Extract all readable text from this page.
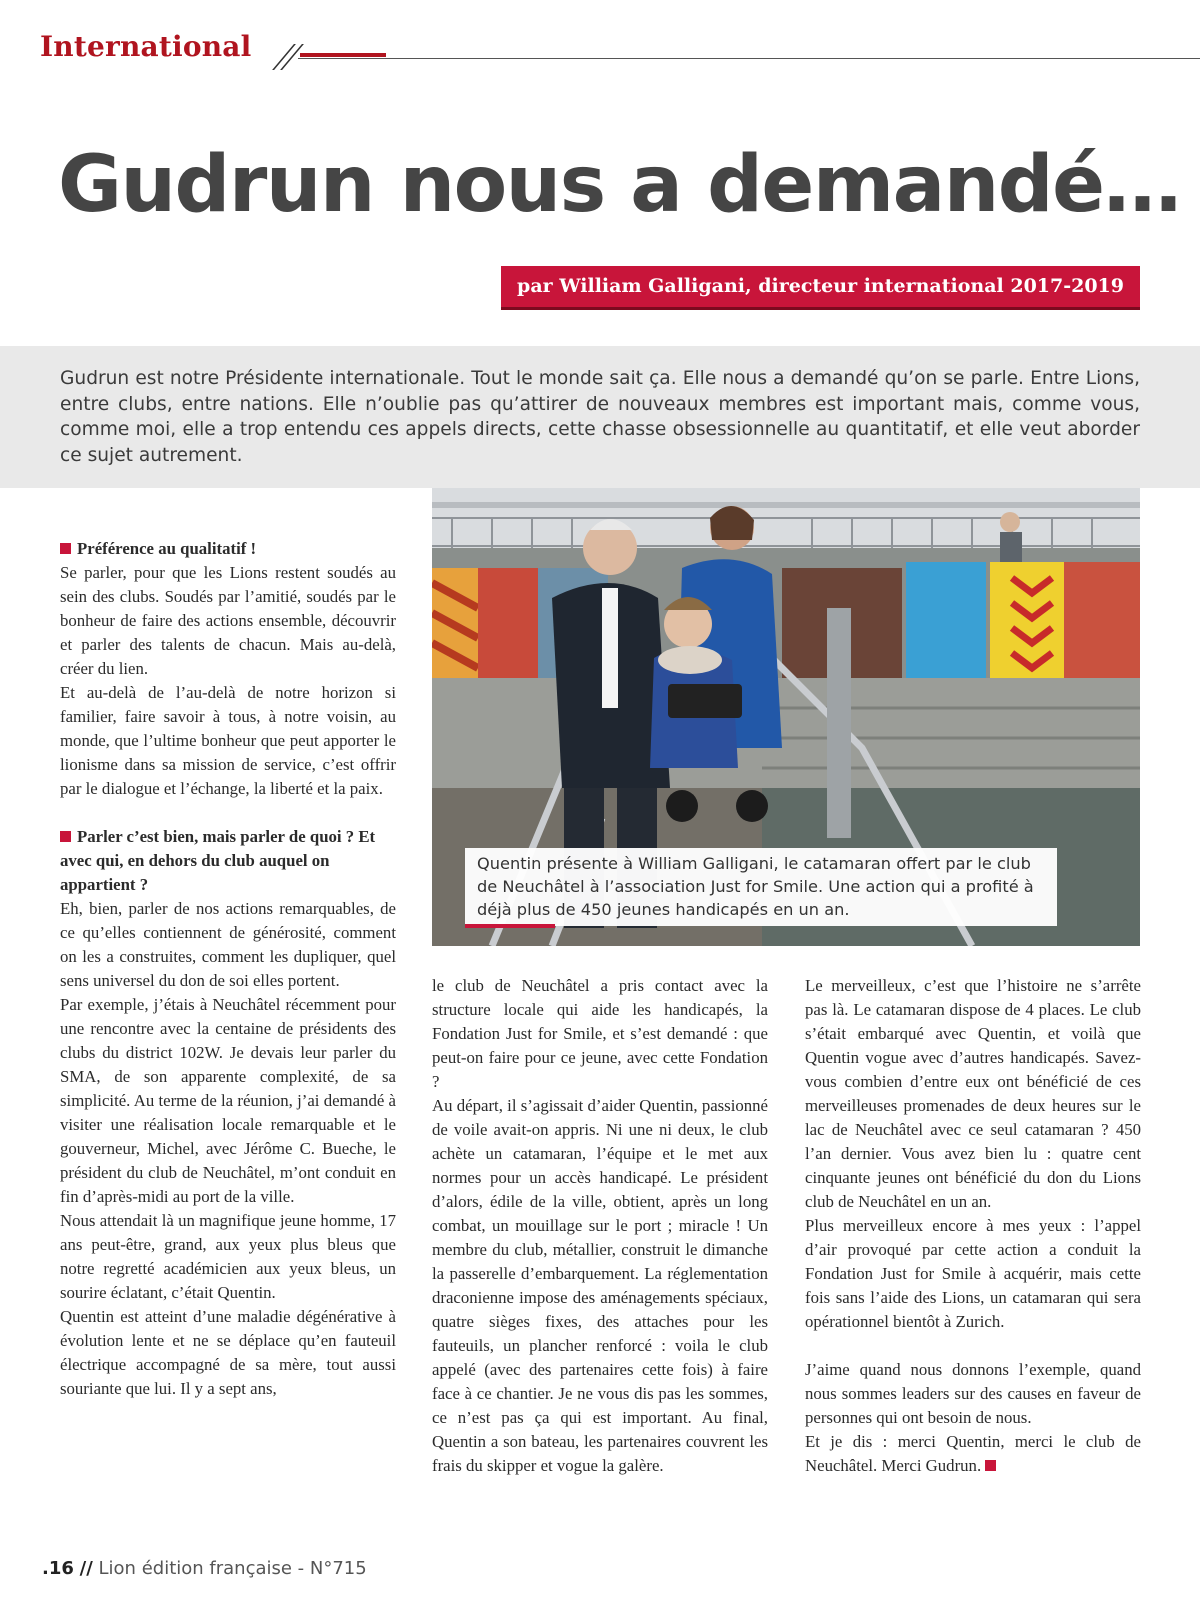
International
Gudrun nous a demandé…
par William Galligani, directeur international 2017-2019

Gudrun est notre Présidente internationale. Tout le monde sait ça. Elle nous a demandé qu’on se parle. Entre Lions, entre clubs, entre nations. Elle n’oublie pas qu’attirer de nouveaux membres est important mais, comme vous, comme moi, elle a trop entendu ces appels directs, cette chasse obsessionnelle au quantitatif, et elle veut aborder ce sujet autrement.

Quentin présente à William Galligani, le catamaran offert par le club de Neuchâtel à l’association Just for Smile. Une action qui a profité à déjà plus de 450 jeunes handicapés en un an.
Préférence au qualitatif !

Se parler, pour que les Lions restent soudés au sein des clubs. Soudés par l’amitié, soudés par le bonheur de faire des actions ensemble, découvrir et parler des talents de chacun. Mais au-delà, créer du lien.

Et au-delà de l’au-delà de notre horizon si familier, faire savoir à tous, à notre voisin, au monde, que l’ultime bonheur que peut apporter le lionisme dans sa mission de service, c’est offrir par le dialogue et l’échange, la liberté et la paix.

Parler c’est bien, mais parler de quoi ? Et avec qui, en dehors du club auquel on appartient ?

Eh, bien, parler de nos actions remarquables, de ce qu’elles contiennent de générosité, comment on les a construites, comment les dupliquer, quel sens universel du don de soi elles portent.

Par exemple, j’étais à Neuchâtel récemment pour une rencontre avec la centaine de présidents des clubs du district 102W. Je devais leur parler du SMA, de son apparente complexité, de sa simplicité. Au terme de la réunion, j’ai demandé à visiter une réalisation locale remarquable et le gouverneur, Michel, avec Jérôme C. Bueche, le président du club de Neuchâtel, m’ont conduit en fin d’après-midi au port de la ville.

Nous attendait là un magnifique jeune homme, 17 ans peut-être, grand, aux yeux plus bleus que notre regretté académicien aux yeux bleus, un sourire éclatant, c’était Quentin.

Quentin est atteint d’une maladie dégénérative à évolution lente et ne se déplace qu’en fauteuil électrique accompagné de sa mère, tout aussi souriante que lui. Il y a sept ans,

le club de Neuchâtel a pris contact avec la structure locale qui aide les handicapés, la Fondation Just for Smile, et s’est demandé : que peut-on faire pour ce jeune, avec cette Fondation ?

Au départ, il s’agissait d’aider Quentin, passionné de voile avait-on appris. Ni une ni deux, le club achète un catamaran, l’équipe et le met aux normes pour un accès handicapé. Le président d’alors, édile de la ville, obtient, après un long combat, un mouillage sur le port ; miracle ! Un membre du club, métallier, construit le dimanche la passerelle d’embarquement. La réglementation draconienne impose des aménagements spéciaux, quatre sièges fixes, des attaches pour les fauteuils, un plancher renforcé : voila le club appelé (avec des partenaires cette fois) à faire face à ce chantier. Je ne vous dis pas les sommes, ce n’est pas ça qui est important. Au final, Quentin a son bateau, les partenaires couvrent les frais du skipper et vogue la galère.

Le merveilleux, c’est que l’histoire ne s’arrête pas là. Le catamaran dispose de 4 places. Le club s’était embarqué avec Quentin, et voilà que Quentin vogue avec d’autres handicapés. Savez-vous combien d’entre eux ont bénéficié de ces merveilleuses promenades de deux heures sur le lac de Neuchâtel avec ce seul catamaran ? 450 l’an dernier. Vous avez bien lu : quatre cent cinquante jeunes ont bénéficié du don du Lions club de Neuchâtel en un an.

Plus merveilleux encore à mes yeux : l’appel d’air provoqué par cette action a conduit la Fondation Just for Smile à acquérir, mais cette fois sans l’aide des Lions, un catamaran qui sera opérationnel bientôt à Zurich.

J’aime quand nous donnons l’exemple, quand nous sommes leaders sur des causes en faveur de personnes qui ont besoin de nous.

Et je dis : merci Quentin, merci le club de Neuchâtel. Merci Gudrun.

.16 // Lion édition française - N°715
